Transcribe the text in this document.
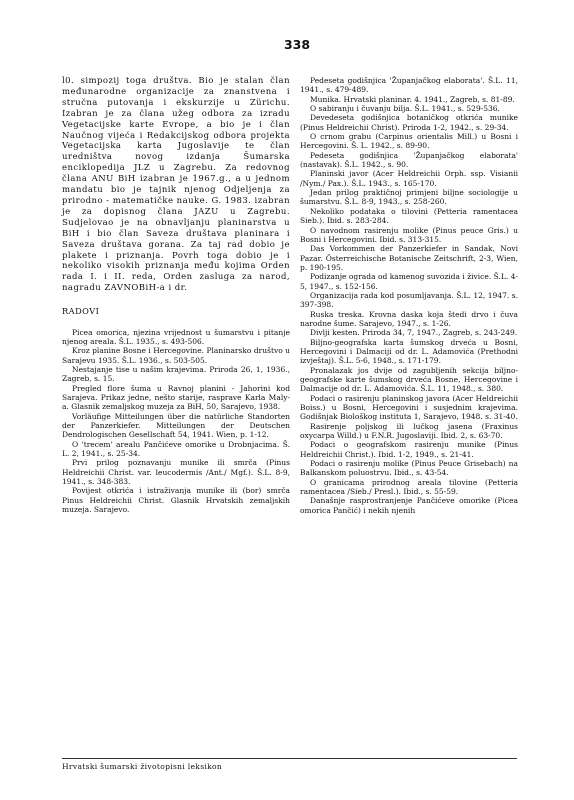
338

l0. simpozij toga društva. Bio je stalan član međunarodne organizacije za znanstvena i stručna putovanja i ekskurzije u Zürichu. Izabran je za člana užeg odbora za izradu Vegetacijske karte Evrope, a bio je i član Naučnog vijeća i Redakcijskog odbora projekta Vegetacijska karta Jugoslavije te član uredništva novog izdanja Šumarska enciklopedija JLZ u Zagrebu. Za redovnog člana ANU BiH izabran je 1967.g., a u jednom mandatu bio je tajnik njenog Odjeljenja za prirodno - matematičke nauke. G. 1983. izabran je za dopisnog člana JAZU u Zagrebu. Sudjelovao je na obnavljanju planinarstva u BiH i bio član Saveza društava planinara i Saveza društava gorana. Za taj rad dobio je plakete i priznanja. Povrh toga dobio je i nekoliko visokih priznanja među kojima Orden rada I. i II. reda, Orden zasluga za narod, nagradu ZAVNOBiH-a i dr.

RADOVI

Picea omorica, njezina vrijednost u šumarstvu i pitanje njenog areala. Š.L. 1935., s. 493-506.

Kroz planine Bosne i Hercegovine. Planinarsko društvo u Sarajevu 1935. Š.L. 1936., s. 503-505.

Nestajanje tise u našim krajevima. Priroda 26, 1, 1936., Zagreb, s. 15.

Pregled flore šuma u Ravnoj planini - Jahorini kod Sarajeva. Prikaz jedne, nešto starije, rasprave Karla Maly-a. Glasnik zemaljskog muzeja za BiH, 50, Sarajevo, 1938.

Vorläufige Mitteilungen über die natürliche Standorten der Panzerkiefer. Mitteilungen der Deutschen Dendrologischen Gesellschaft 54, 1941. Wien, p. 1-12.

O 'trecem' arealu Pančićeve omorike u Drobnjacima. Š. L. 2, 1941., s. 25-34.

Prvi prilog poznavanju munike ili smrča (Pinus Heldreichii Christ. var. leucodermis /Ant./ Mgf.). Š.L. 8-9, 1941., s. 348-383.

Povijest otkrića i istraživanja munike ili (bor) smrča Pinus Heldreichii Christ. Glasnik Hrvatskih zemaljskih muzeja. Sarajevo.

Pedeseta godišnjica 'Županjačkog elaborata'. Š.L. 11, 1941., s. 479-489.

Munika. Hrvatski planinar. 4. 1941., Zagreb, s. 81-89.

O sabiranju i čuvanju bilja. Š.L. 1941., s. 529-536.

Devedeseta godišnjica botaničkog otkrića munike (Pinus Heldreichii Christ). Priroda 1-2, 1942., s. 29-34.

O crnom grabu (Carpinus orientalis Mill.) u Bosni i Hercegovini. Š. L. 1942., s. 89-90.

Pedeseta godišnjica 'Županjačkog elaborata' (nastavak). Š.L. 1942., s. 90.

Planinski javor (Acer Heldreichii Orph. ssp. Visianii /Nym./ Pax.). Š.L. 1943., s. 165-170.

Jedan prilog praktičnoj primjeni biljne sociologije u šumarstvu. Š.L. 8-9, 1943., s. 258-260.

Nekoliko podataka o tilovini (Petteria ramentacea Sieb.). Ibid. s. 283-284.

O navodnom rasirenju molike (Pinus peuce Gris.) u Bosni i Hercegovini. Ibid. s. 313-315.

Das Vorkommen der Panzerkiefer in Sandak, Novi Pazar. Österreichische Botanische Zeitschrift, 2-3, Wien, p. 190-195.

Podizanje ograda od kamenog suvozida i živice. Š.L. 4-5, 1947., s. 152-156.

Organizacija rada kod posumljavanja. Š.L. 12, 1947. s. 397-398.

Ruska treska. Krovna daska koja štedi drvo i čuva narodne šume. Sarajevo, 1947., s. 1-26.

Divlji kesten. Priroda 34, 7, 1947., Zagreb, s. 243-249.

Biljno-geografska karta šumskog drveća u Bosni, Hercegovini i Dalmaciji od dr. L. Adamovića (Prethodni izvještaj). Š.L. 5-6, 1948., s. 171-179.

Pronalazak jos dvije od zagubljenih sekcija biljno-geografske karte šumskog drveća Bosne, Hercegovine i Dalmacije od dr. L. Adamovića. Š.L. 11, 1948., s. 380.

Podaci o rasirenju planinskog javora (Acer Heldreichii Boiss.) u Bosni, Hercegovini i susjednim krajevima. Godišnjak Biološkog instituta 1, Sarajevo, 1948. s. 31-40.

Rasirenje poljskog ili lučkog jasena (Fraxinus oxycarpa Willd.) u F.N.R. Jugoslaviji. Ibid. 2, s. 63-70.

Podaci o geografskom rasirenju munike (Pinus Heldreichii Christ.). Ibid. 1-2, 1949., s. 21-41.

Podaci o rasirenju molike (Pinus Peuce Grisebach) na Balkanskom poluostrvu. Ibid., s. 43-54.

O granicama prirodnog areala tilovine (Petteria ramentacea /Sieb./ Presl.). Ibid., s. 55-59.

Današnje rasprostranjenje Pančićeve omorike (Picea omorica Pančić) i nekih njenih

Hrvatski šumarski životopisni leksikon
